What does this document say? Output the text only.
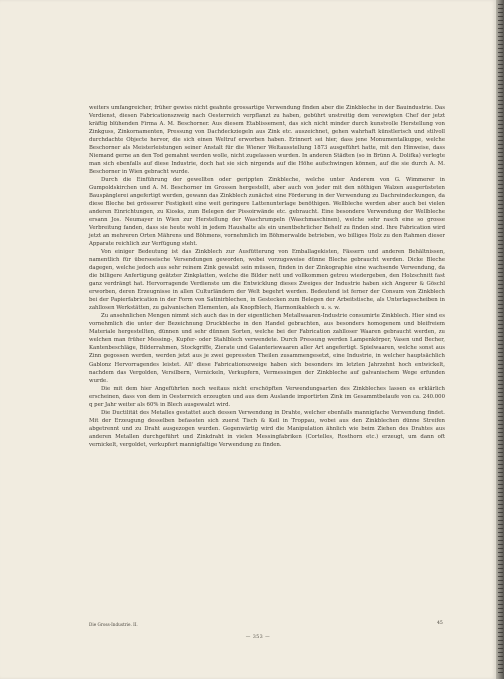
weiters umfangreicher, früher gewiss nicht geahnte grossartige Verwendung finden aber die Zinkbleche in der Bauindustrie. Das Verdienst, diesen Fabricationszweig nach Oesterreich verpflanzt zu haben, gebührt unstreitig dem verewigten Chef der jetzt kräftig blühenden Firma A. M. Beschorner. Aus diesem Etablissement, das sich nicht minder durch kunstvolle Herstellung von Zinkguss, Zinkornamenten, Pressung von Dachdeckziegeln aus Zink etc. auszeichnet, gehen wahrhaft künstlerisch und stilvoll durchdachte Objecte hervor, die sich einen Weltruf erworben haben. Erinnert sei hier, dass jene Monumentalkuppe, welche Beschorner als Meisterleistungen seiner Anstalt für die Wiener Weltausstellung 1873 ausgeführt hatte, mit den Hinweise, dass Niemand gerne an den Tod gemahnt werden wolle, nicht zugelassen wurden. In anderen Städten (so in Brünn A. Dolifka) verlegte man sich ebenfalls auf diese Industrie, doch hat sie sich nirgends auf die Höhe aufschwingen können, auf die sie durch A. M. Beschorner in Wien gebracht wurde.

Durch die Einführung der gewellten oder gerippten Zinkbleche, welche unter Anderem von G. Wimmerer in Gumpoldskirchen und A. M. Beschorner im Grossen hergestellt, aber auch von jeder mit den nöthigen Walzen ausgerüsteten Bauspänglerei angefertigt werden, gewann das Zinkblech zunächst eine Förderung in der Verwendung zu Dachreindeckungen, da diese Bleche bei grösserer Festigkeit eine weit geringere Lattenunterlage benöthigen. Wellbleche werden aber auch bei vielen anderen Einrichtungen, zu Kiosks, zum Belegen der Pissoirwände etc. gebraucht. Eine besondere Verwendung der Wellbleche ersann Jos. Neumayer in Wien zur Herstellung der Waschrumpeln (Waschmaschinen), welche sehr rasch eine so grosse Verbreitung fanden, dass sie heute wohl in jedem Haushalte als ein unentbehrlicher Behelf zu finden sind. Ihre Fabrication wird jetzt an mehreren Orten Mährens und Böhmens, vornehmlich im Böhmerwalde betrieben, wo billiges Holz zu den Rahmen dieser Apparate reichlich zur Verfügung steht.

Von einiger Bedeutung ist das Zinkblech zur Ausfütterung von Emballagekisten, Fässern und anderen Behältnissen, namentlich für überseeische Versendungen geworden, wobei vorzugsweise dünne Bleche gebraucht werden. Dicke Bleche dagegen, welche jedoch aus sehr reinem Zink gewalzt sein müssen, finden in der Zinkographie eine wachsende Verwendung, da die billigere Anfertigung geätzter Zinkplatten, welche die Bilder nett und vollkommen getreu wiedergeben, den Holzschnitt fast ganz verdrängt hat. Hervorragende Verdienste um die Entwicklung dieses Zweiges der Industrie haben sich Angerer & Göschl erworben, deren Erzeugnisse in allen Culturländern der Welt begehrt werden. Bedeutend ist ferner der Consum von Zinkblech bei der Papierfabrication in der Form von Satinirblechen, in Gestecken zum Belegen der Arbeitstische, als Unterlagsscheiben in zahllosen Werkstätten, zu galvanischen Elementen, als Knopfblech, Harmonikablech u. s. w.

Zu ansehnlichen Mengen nimmt sich auch das in der eigentlichen Metallwaaren-Industrie consumirte Zinkblech. Hier sind es vornehmlich die unter der Bezeichnung Druckbleche in den Handel gebrachten, aus besonders homogenem und bleifreiem Materiale hergestellten, dünnen und sehr dünnen Sorten, welche bei der Fabrication zahlloser Waaren gebraucht werden, zu welchen man früher Messing-, Kupfer- oder Stahlblech verwendete. Durch Pressung werden Lampenkörper, Vasen und Becher, Kantenbeschläge, Bilderrahmen, Stockgriffe, Zierate und Galanteriewaaren aller Art angefertigt. Spielwaaren, welche sonst aus Zinn gegossen werden, werden jetzt aus je zwei gepressten Theilen zusammengesetzt, eine Industrie, in welcher hauptsächlich Gablonz Hervorragendes leistet. All' diese Fabricationszweige haben sich besonders im letzten Jahrzehnt hoch entwickelt, nachdem das Vergolden, Versilbern, Vernickeln, Verkupfern, Vermessingen der Zinkbleche auf galvanischem Wege erfunden wurde.

Die mit dem hier Angeführten noch weitaus nicht erschöpften Verwendungsarten des Zinkbleches lassen es erklärlich erscheinen, dass von dem in Oesterreich erzeugten und aus dem Auslande importirten Zink im Gesammtbelaufe von ca. 240.000 q per Jahr weiter als 60% in Blech ausgewalzt wird.

Die Ductilität des Metalles gestattet auch dessen Verwendung in Drahte, welcher ebenfalls mannigfache Verwendung findet. Mit der Erzeugung desselben befassten sich zuerst Tisch & Keil in Troppau, wobei aus den Zinkblechen dünne Streifen abgetrennt und zu Draht ausgezogen wurden. Gegenwärtig wird die Manipulation ähnlich wie beim Ziehen des Drahtes aus anderen Metallen durchgeführt und Zinkdraht in vielen Messingfabriken (Cortelles, Rosthorn etc.) erzeugt, um dann oft vernickelt, vergoldet, verkupfert mannigfaltige Verwendung zu finden.

Die Gross-Industrie. II.	45
— 353 —
